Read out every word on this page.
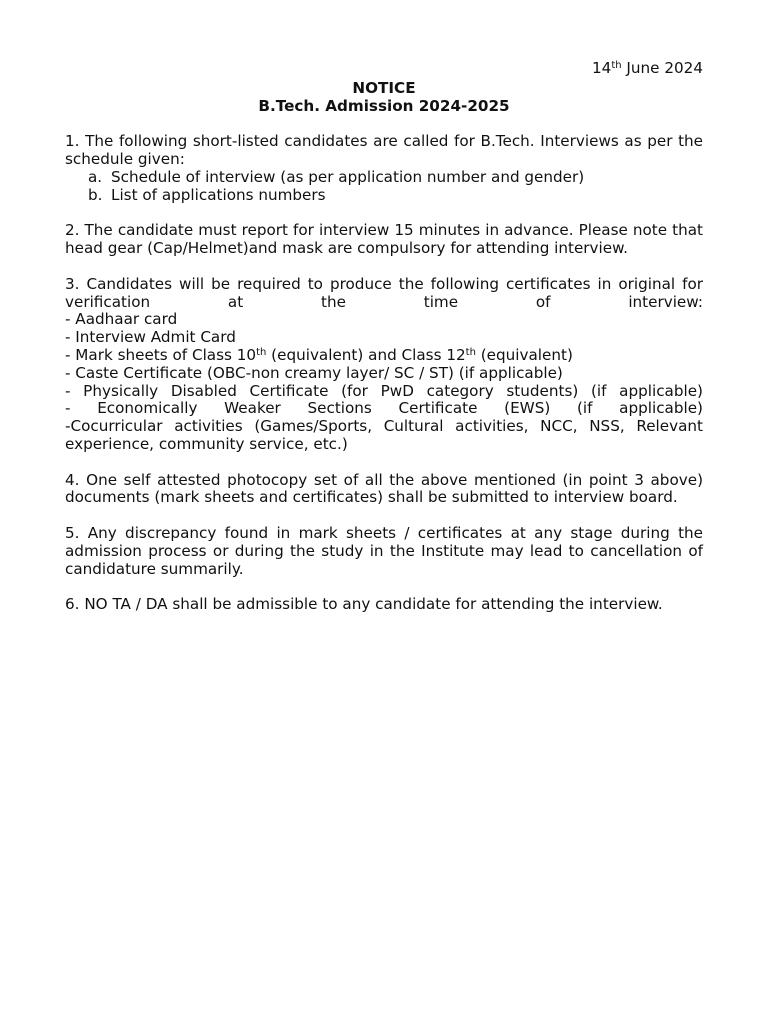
14th June 2024
NOTICE
B.Tech. Admission 2024-2025
1. The following short-listed candidates are called for B.Tech. Interviews as per the schedule given:
a. Schedule of interview (as per application number and gender)
b. List of applications numbers
2. The candidate must report for interview 15 minutes in advance. Please note that head gear (Cap/Helmet)and mask are compulsory for attending interview.
3. Candidates will be required to produce the following certificates in original for verification at the time of interview:
- Aadhaar card
- Interview Admit Card
- Mark sheets of Class 10th (equivalent) and Class 12th (equivalent)
- Caste Certificate (OBC-non creamy layer/ SC / ST) (if applicable)
- Physically Disabled Certificate (for PwD category students) (if applicable)
- Economically Weaker Sections Certificate (EWS) (if applicable)
-Cocurricular activities (Games/Sports, Cultural activities, NCC, NSS, Relevant experience, community service, etc.)
4. One self attested photocopy set of all the above mentioned (in point 3 above) documents (mark sheets and certificates) shall be submitted to interview board.
5. Any discrepancy found in mark sheets / certificates at any stage during the admission process or during the study in the Institute may lead to cancellation of candidature summarily.
6. NO TA / DA shall be admissible to any candidate for attending the interview.
